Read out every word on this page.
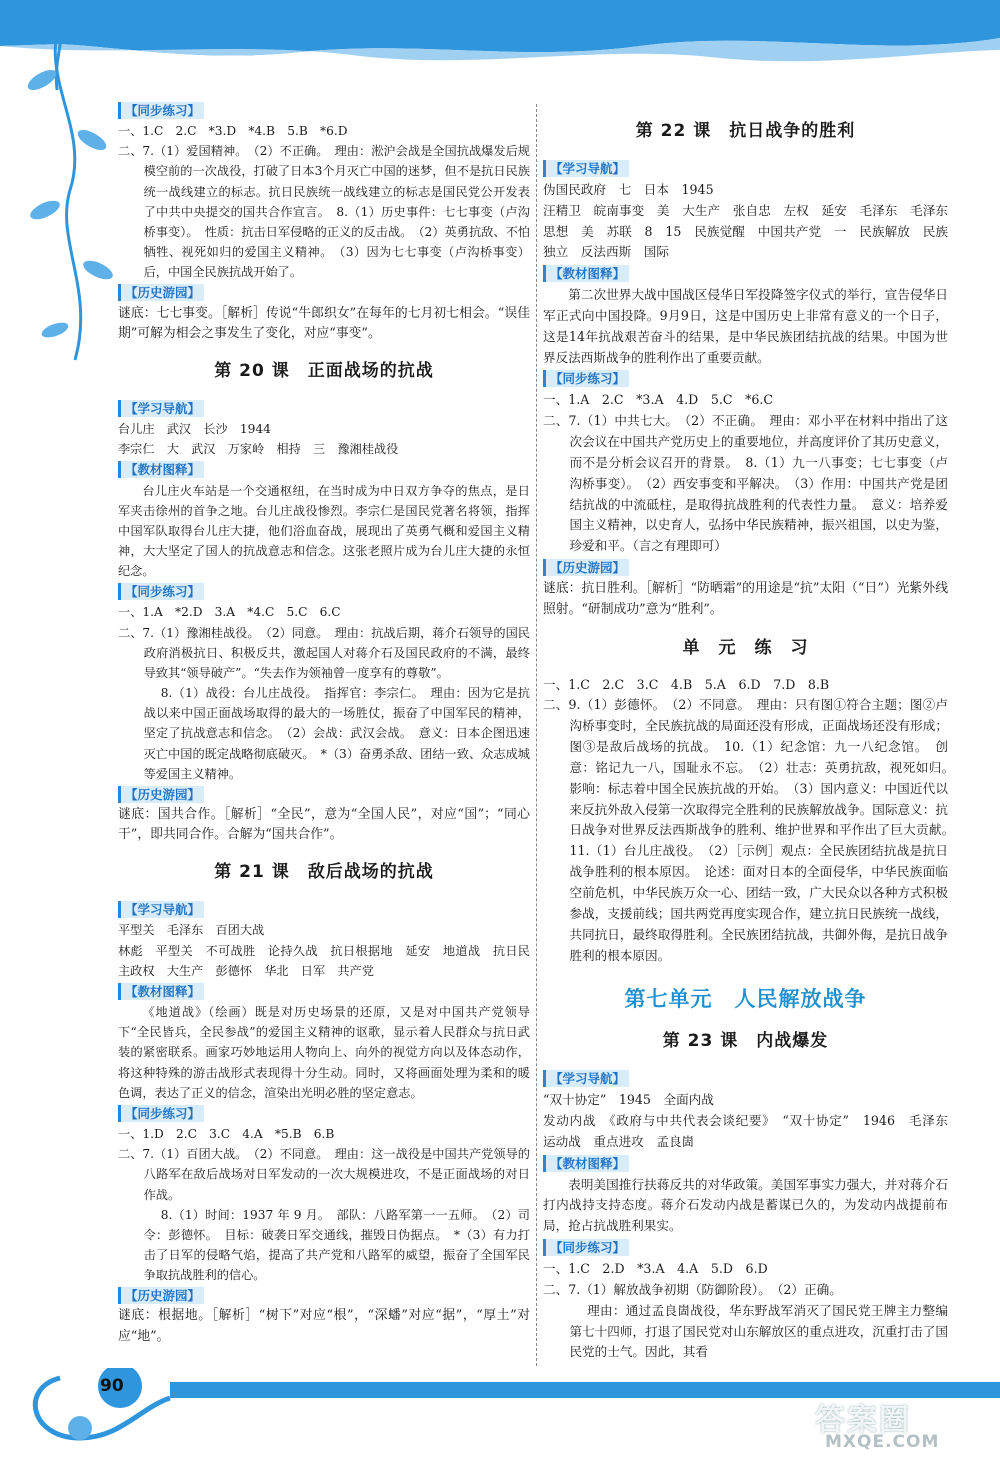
90
答案圈
MXQE.COM
【同步练习】

一、1.C　2.C　*3.D　*4.B　5.B　*6.D

二、7.（1）爱国精神。　（2）不正确。　理由：淞沪会战是全国抗战爆发后规模空前的一次战役，打破了日本3个月灭亡中国的迷梦，但不是抗日民族统一战线建立的标志。抗日民族统一战线建立的标志是国民党公开发表了中共中央提交的国共合作宣言。　8.（1）历史事件：七七事变（卢沟桥事变）。　性质：抗击日军侵略的正义的反击战。　（2）英勇抗敌、不怕牺牲、视死如归的爱国主义精神。　（3）因为七七事变（卢沟桥事变）后，中国全民族抗战开始了。

【历史游园】

谜底：七七事变。［解析］传说“牛郎织女”在每年的七月初七相会。“误佳期”可解为相会之事发生了变化，对应“事变”。

第 20 课　正面战场的抗战
【学习导航】

台儿庄　武汉　长沙　1944

李宗仁　大　武汉　万家岭　相持　三　豫湘桂战役

【教材图释】

台儿庄火车站是一个交通枢纽，在当时成为中日双方争夺的焦点，是日军夹击徐州的首争之地。台儿庄战役惨烈。李宗仁是国民党著名将领，指挥中国军队取得台儿庄大捷，他们浴血奋战，展现出了英勇气概和爱国主义精神，大大坚定了国人的抗战意志和信念。这张老照片成为台儿庄大捷的永恒纪念。

【同步练习】

一、1.A　*2.D　3.A　*4.C　5.C　6.C

二、7.（1）豫湘桂战役。　（2）同意。　理由：抗战后期，蒋介石领导的国民政府消极抗日、积极反共，激起国人对蒋介石及国民政府的不满，最终导致其“领导破产”。“失去作为领袖曾一度享有的尊敬”。

8.（1）战役：台儿庄战役。　指挥官：李宗仁。　理由：因为它是抗战以来中国正面战场取得的最大的一场胜仗，振奋了中国军民的精神，坚定了抗战意志和信念。　（2）会战：武汉会战。　意义：日本企图迅速灭亡中国的既定战略彻底破灭。　*（3）奋勇杀敌、团结一致、众志成城等爱国主义精神。

【历史游园】

谜底：国共合作。［解析］“全民”，意为“全国人民”，对应“国”；“同心干”，即共同合作。合解为“国共合作”。

第 21 课　敌后战场的抗战
【学习导航】

平型关　毛泽东　百团大战

林彪　平型关　不可战胜　论持久战　抗日根据地　延安　地道战　抗日民主政权　大生产　彭德怀　华北　日军　共产党

【教材图释】

《地道战》（绘画）既是对历史场景的还原，又是对中国共产党领导下“全民皆兵，全民参战”的爱国主义精神的讴歌，显示着人民群众与抗日武装的紧密联系。画家巧妙地运用人物向上、向外的视觉方向以及体态动作，将这种特殊的游击战形式表现得十分生动。同时，又将画面处理为柔和的暖色调，表达了正义的信念，渲染出光明必胜的坚定意志。

【同步练习】

一、1.D　2.C　3.C　4.A　*5.B　6.B

二、7.（1）百团大战。　（2）不同意。　理由：这一战役是中国共产党领导的八路军在敌后战场对日军发动的一次大规模进攻，不是正面战场的对日作战。

8.（1）时间：1937 年 9 月。　部队：八路军第一一五师。　（2）司令：彭德怀。　目标：破袭日军交通线，摧毁日伪据点。　*（3）有力打击了日军的侵略气焰，提高了共产党和八路军的威望，振奋了全国军民争取抗战胜利的信心。

【历史游园】

谜底：根据地。［解析］“树下”对应“根”，“深蟠”对应“据”，“厚土”对应“地”。

第 22 课　抗日战争的胜利
【学习导航】

伪国民政府　七　日本　1945

汪精卫　皖南事变　美　大生产　张自忠　左权　延安　毛泽东　毛泽东思想　美　苏联　8　15　民族觉醒　中国共产党　一　民族解放　民族独立　反法西斯　国际

【教材图释】

第二次世界大战中国战区侵华日军投降签字仪式的举行，宣告侵华日军正式向中国投降。9月9日，这是中国历史上非常有意义的一个日子，这是14年抗战艰苦奋斗的结果，是中华民族团结抗战的结果。中国为世界反法西斯战争的胜利作出了重要贡献。

【同步练习】

一、1.A　2.C　*3.A　4.D　5.C　*6.C

二、7.（1）中共七大。　（2）不正确。　理由：邓小平在材料中指出了这次会议在中国共产党历史上的重要地位，并高度评价了其历史意义，而不是分析会议召开的背景。　8.（1）九一八事变；七七事变（卢沟桥事变）。　（2）西安事变和平解决。　（3）作用：中国共产党是团结抗战的中流砥柱，是取得抗战胜利的代表性力量。　意义：培养爱国主义精神，以史育人，弘扬中华民族精神，振兴祖国，以史为鉴，珍爱和平。（言之有理即可）

【历史游园】

谜底：抗日胜利。［解析］“防晒霜”的用途是“抗”太阳（“日”）光紫外线照射。“研制成功”意为“胜利”。

单　元　练　习

一、1.C　2.C　3.C　4.B　5.A　6.D　7.D　8.B

二、9.（1）彭德怀。　（2）不同意。　理由：只有图①符合主题；图②卢沟桥事变时，全民族抗战的局面还没有形成，正面战场还没有形成；图③是敌后战场的抗战。　10.（1）纪念馆：九一八纪念馆。　创意：铭记九一八，国耻永不忘。　（2）壮志：英勇抗敌，视死如归。　影响：标志着中国全民族抗战的开始。　（3）国内意义：中国近代以来反抗外敌入侵第一次取得完全胜利的民族解放战争。国际意义：抗日战争对世界反法西斯战争的胜利、维护世界和平作出了巨大贡献。　11.（1）台儿庄战役。　（2）［示例］观点：全民族团结抗战是抗日战争胜利的根本原因。　论述：面对日本的全面侵华，中华民族面临空前危机，中华民族万众一心、团结一致，广大民众以各种方式积极参战，支援前线；国共两党再度实现合作，建立抗日民族统一战线，共同抗日，最终取得胜利。全民族团结抗战，共御外侮，是抗日战争胜利的根本原因。

第七单元　人民解放战争
第 23 课　内战爆发
【学习导航】

“双十协定”　1945　全面内战

发动内战　《政府与中共代表会谈纪要》　“双十协定”　1946　毛泽东　运动战　重点进攻　孟良崮

【教材图释】

表明美国推行扶蒋反共的对华政策。美国军事实力强大，并对蒋介石打内战持支持态度。蒋介石发动内战是蓄谋已久的，为发动内战提前布局，抢占抗战胜利果实。

【同步练习】

一、1.C　2.D　*3.A　4.A　5.D　6.D

二、7.（1）解放战争初期（防御阶段）。　（2）正确。

理由：通过孟良崮战役，华东野战军消灭了国民党王牌主力整编第七十四师，打退了国民党对山东解放区的重点进攻，沉重打击了国民党的士气。因此，其看
